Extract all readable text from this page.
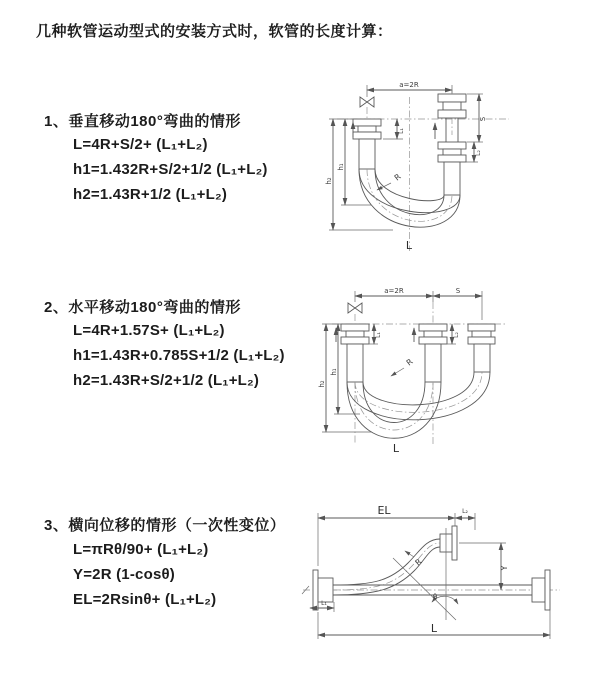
几种软管运动型式的安装方式时，软管的长度计算：
1、垂直移动180°弯曲的情形
L=4R+S/2+ (L₁+L₂)
h1=1.432R+S/2+1/2 (L₁+L₂)
h2=1.43R+1/2 (L₁+L₂)
2、水平移动180°弯曲的情形
L=4R+1.57S+ (L₁+L₂)
h1=1.43R+0.785S+1/2 (L₁+L₂)
h2=1.43R+S/2+1/2 (L₁+L₂)
3、横向位移的情形（一次性变位）
L=πRθ/90+ (L₁+L₂)
Y=2R (1-cosθ)
EL=2Rsinθ+ (L₁+L₂)
a=2R
h₁
h₂
L₁
S
L₂
R
L
a=2R	S
h₁
h₂
L₁	L₂
R
L
EL	L₂
θ
R
Y
L₁
L
